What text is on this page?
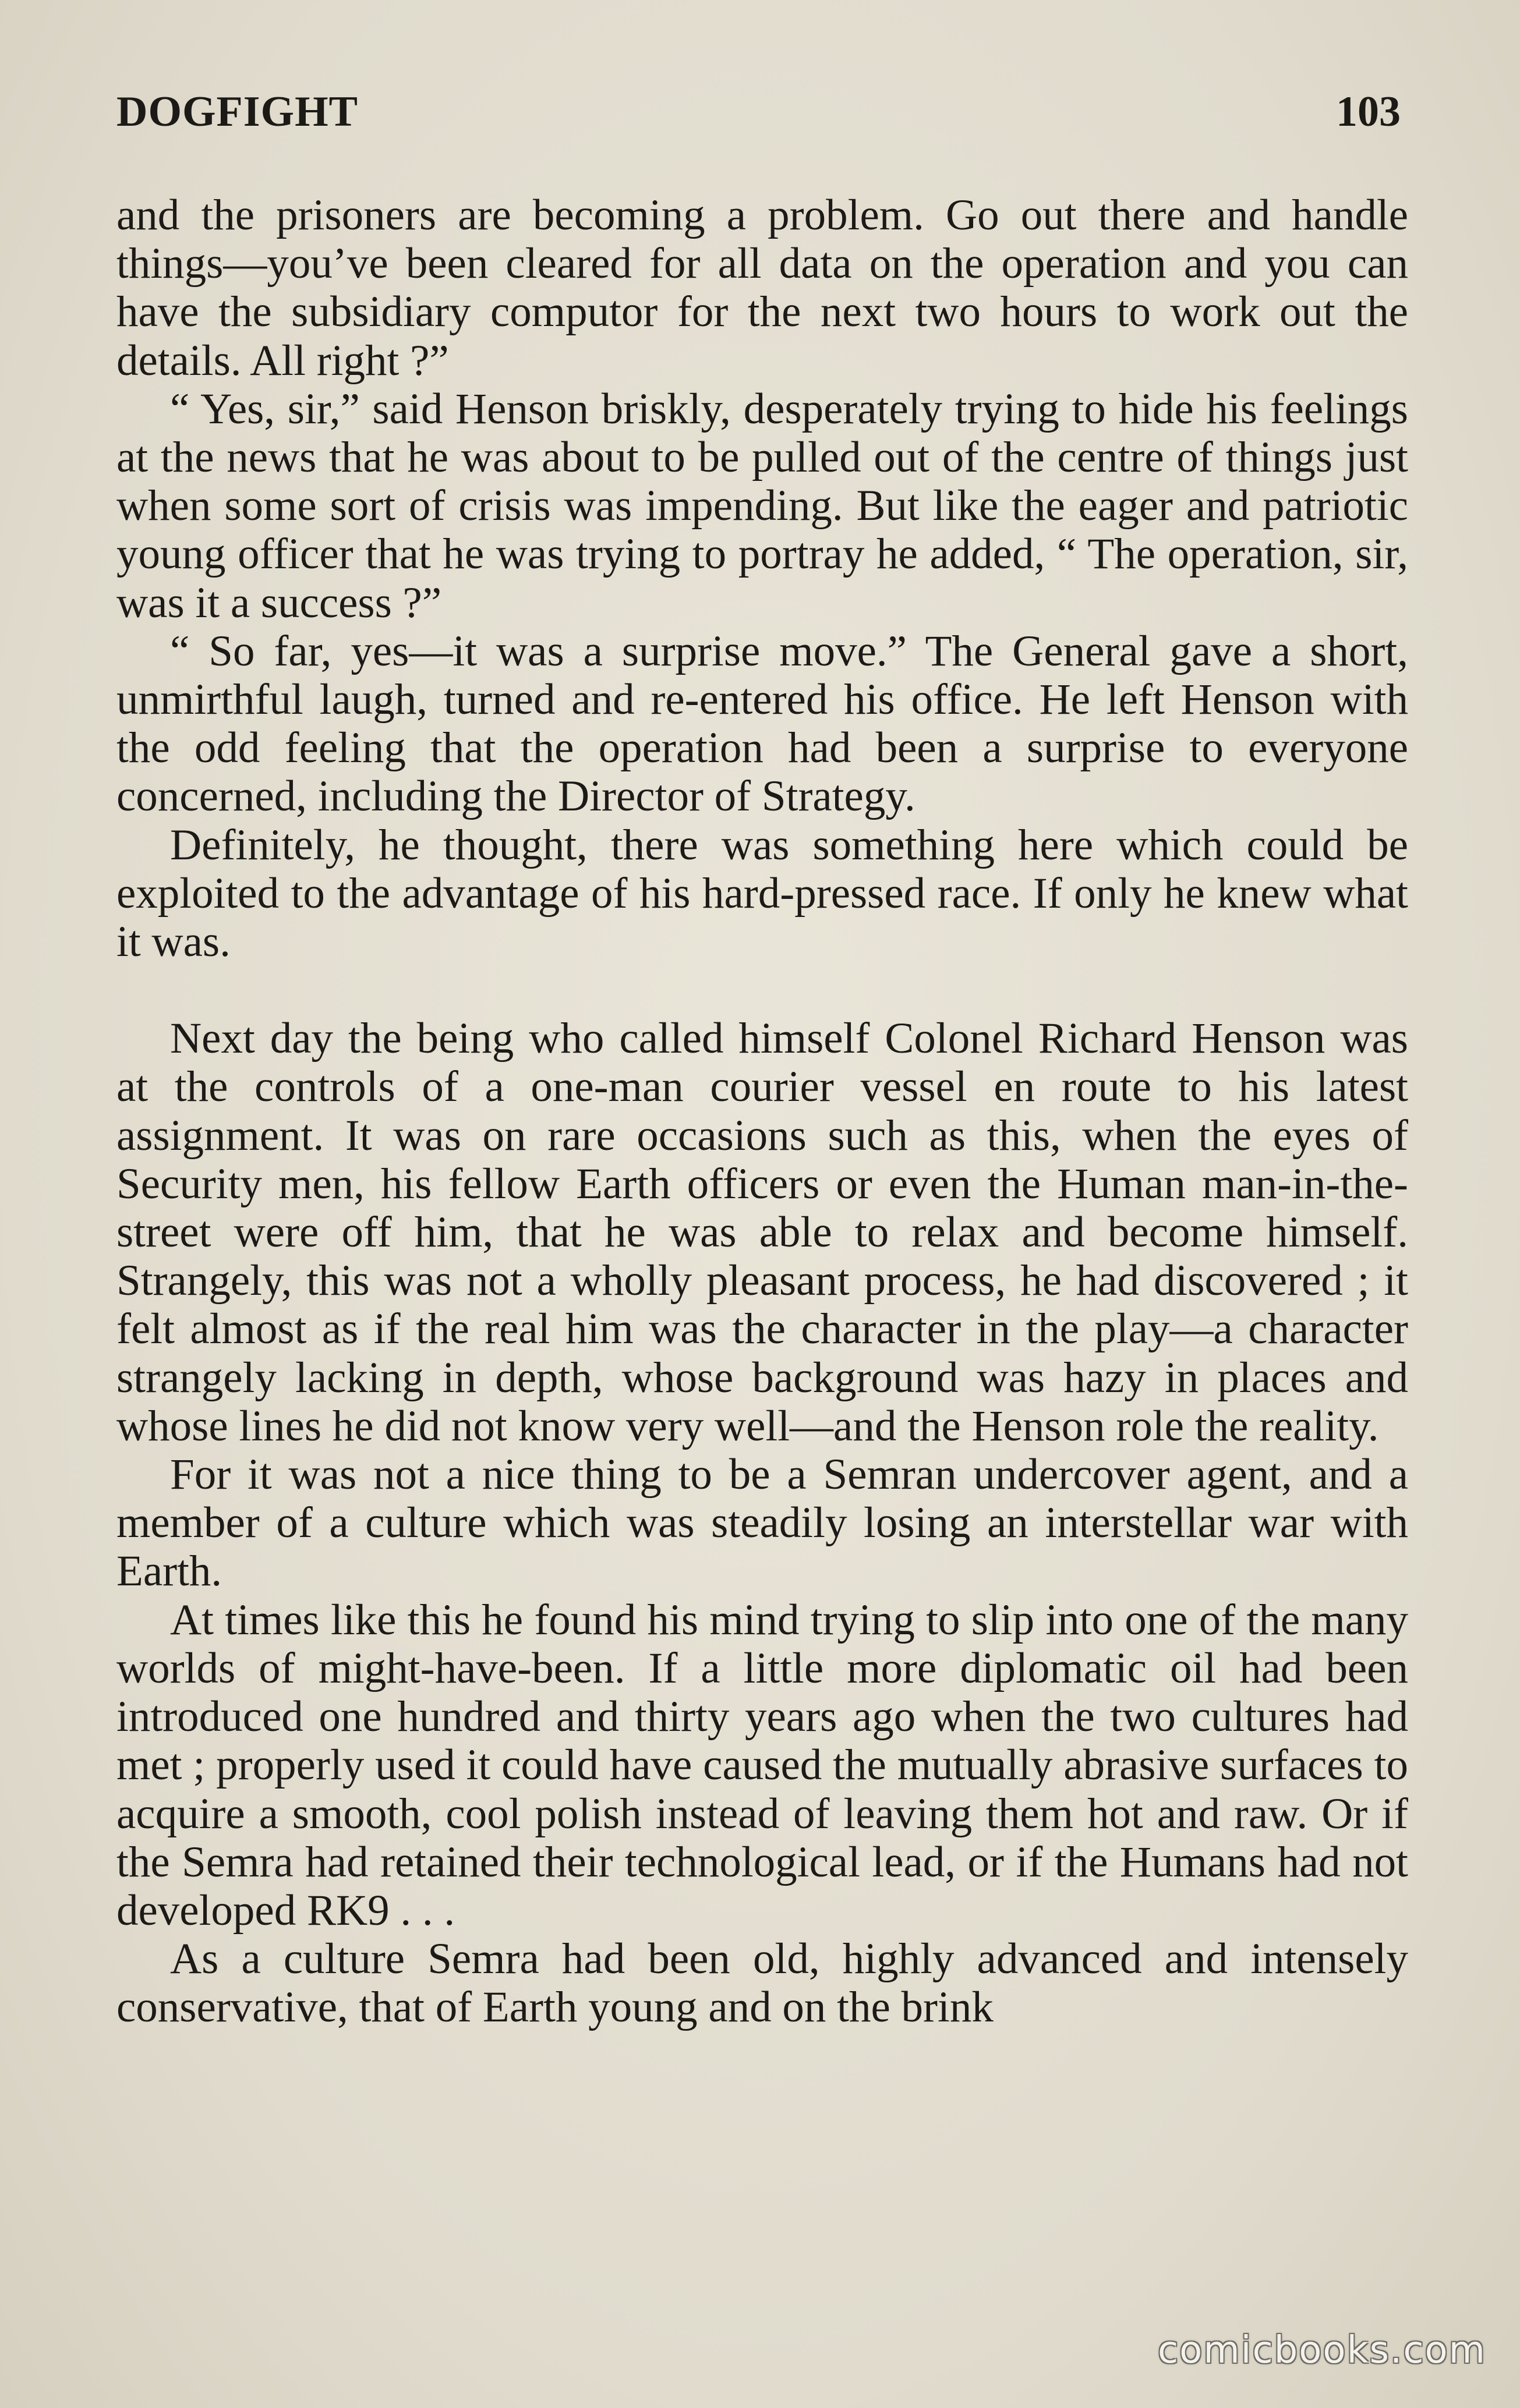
DOGFIGHT	103

and the prisoners are becoming a problem. Go out there and handle things—you’ve been cleared for all data on the operation and you can have the subsidiary computor for the next two hours to work out the details. All right ?”

“ Yes, sir,” said Henson briskly, desperately trying to hide his feelings at the news that he was about to be pulled out of the centre of things just when some sort of crisis was impending. But like the eager and patriotic young officer that he was trying to portray he added, “ The operation, sir, was it a success ?”

“ So far, yes—it was a surprise move.” The General gave a short, unmirthful laugh, turned and re-entered his office. He left Henson with the odd feeling that the operation had been a surprise to everyone concerned, including the Director of Strategy.

Definitely, he thought, there was something here which could be exploited to the advantage of his hard-pressed race. If only he knew what it was.

Next day the being who called himself Colonel Richard Henson was at the controls of a one-man courier vessel en route to his latest assignment. It was on rare occasions such as this, when the eyes of Security men, his fellow Earth officers or even the Human man-in-the-street were off him, that he was able to relax and become himself. Strangely, this was not a wholly pleasant process, he had discovered ; it felt almost as if the real him was the character in the play—a character strangely lacking in depth, whose background was hazy in places and whose lines he did not know very well—and the Henson role the reality.

For it was not a nice thing to be a Semran undercover agent, and a member of a culture which was steadily losing an interstellar war with Earth.

At times like this he found his mind trying to slip into one of the many worlds of might-have-been. If a little more diplomatic oil had been introduced one hundred and thirty years ago when the two cultures had met ; properly used it could have caused the mutually abrasive surfaces to acquire a smooth, cool polish instead of leaving them hot and raw. Or if the Semra had retained their technological lead, or if the Humans had not developed RK9 . . .

As a culture Semra had been old, highly advanced and intensely conservative, that of Earth young and on the brink

comicbooks.com
